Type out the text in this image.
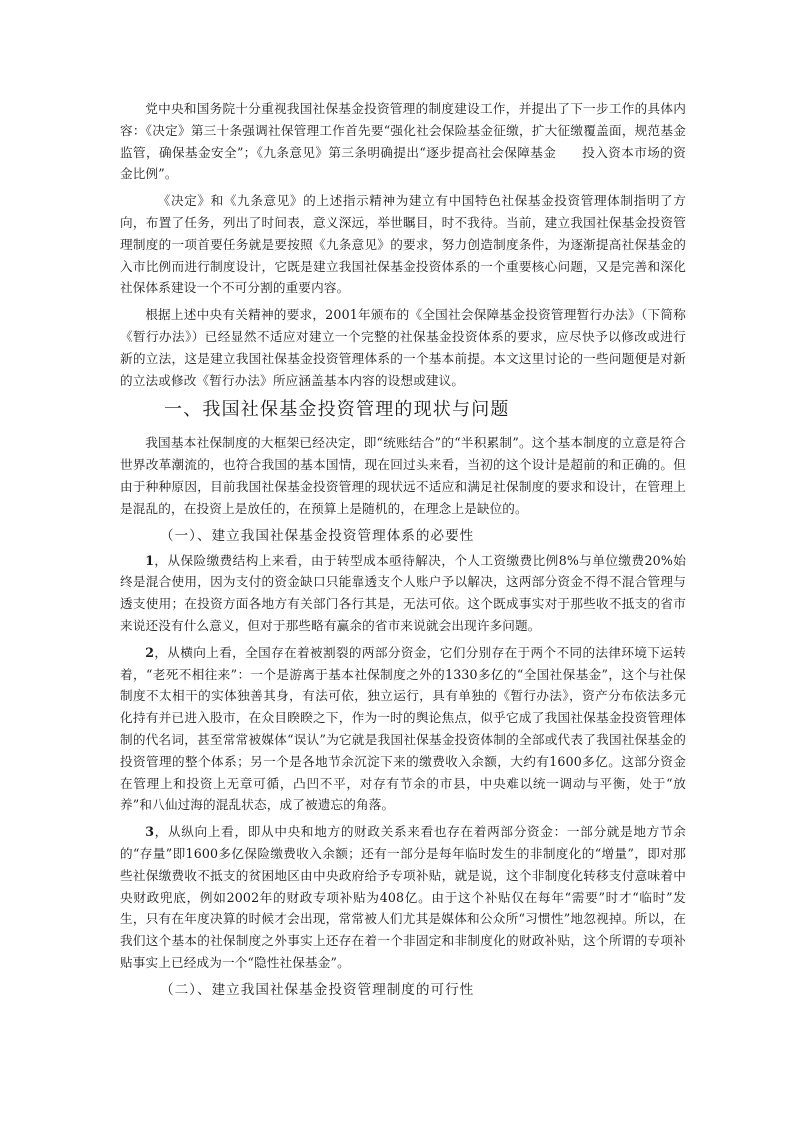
党中央和国务院十分重视我国社保基金投资管理的制度建设工作，并提出了下一步工作的具体内容：《决定》第三十条强调社保管理工作首先要“强化社会保险基金征缴，扩大征缴覆盖面，规范基金监管，确保基金安全”；《九条意见》第三条明确提出“逐步提高社会保障基金　　投入资本市场的资金比例”。

《决定》和《九条意见》的上述指示精神为建立有中国特色社保基金投资管理体制指明了方向，布置了任务，列出了时间表，意义深远，举世瞩目，时不我待。当前，建立我国社保基金投资管理制度的一项首要任务就是要按照《九条意见》的要求，努力创造制度条件，为逐渐提高社保基金的入市比例而进行制度设计，它既是建立我国社保基金投资体系的一个重要核心问题，又是完善和深化社保体系建设一个不可分割的重要内容。

根据上述中央有关精神的要求，2001年颁布的《全国社会保障基金投资管理暂行办法》（下简称《暂行办法》）已经显然不适应对建立一个完整的社保基金投资体系的要求，应尽快予以修改或进行新的立法，这是建立我国社保基金投资管理体系的一个基本前提。本文这里讨论的一些问题便是对新的立法或修改《暂行办法》所应涵盖基本内容的设想或建议。

一、我国社保基金投资管理的现状与问题

我国基本社保制度的大框架已经决定，即“统账结合”的“半积累制”。这个基本制度的立意是符合世界改革潮流的，也符合我国的基本国情，现在回过头来看，当初的这个设计是超前的和正确的。但由于种种原因，目前我国社保基金投资管理的现状远不适应和满足社保制度的要求和设计，在管理上是混乱的，在投资上是放任的，在预算上是随机的，在理念上是缺位的。

（一）、建立我国社保基金投资管理体系的必要性

1，从保险缴费结构上来看，由于转型成本亟待解决，个人工资缴费比例8%与单位缴费20%始终是混合使用，因为支付的资金缺口只能靠透支个人账户予以解决，这两部分资金不得不混合管理与透支使用；在投资方面各地方有关部门各行其是，无法可依。这个既成事实对于那些收不抵支的省市来说还没有什么意义，但对于那些略有赢余的省市来说就会出现许多问题。

2，从横向上看，全国存在着被割裂的两部分资金，它们分别存在于两个不同的法律环境下运转着，“老死不相往来”：一个是游离于基本社保制度之外的1330多亿的“全国社保基金”，这个与社保制度不太相干的实体独善其身，有法可依，独立运行，具有单独的《暂行办法》，资产分布依法多元化持有并已进入股市，在众目睽睽之下，作为一时的舆论焦点，似乎它成了我国社保基金投资管理体制的代名词，甚至常常被媒体“误认”为它就是我国社保基金投资体制的全部或代表了我国社保基金的投资管理的整个体系；另一个是各地节余沉淀下来的缴费收入余额，大约有1600多亿。这部分资金在管理上和投资上无章可循，凸凹不平，对存有节余的市县，中央难以统一调动与平衡，处于“放养”和八仙过海的混乱状态，成了被遗忘的角落。

3，从纵向上看，即从中央和地方的财政关系来看也存在着两部分资金：一部分就是地方节余的“存量”即1600多亿保险缴费收入余额；还有一部分是每年临时发生的非制度化的“增量”，即对那些社保缴费收不抵支的贫困地区由中央政府给予专项补贴，就是说，这个非制度化转移支付意味着中央财政兜底，例如2002年的财政专项补贴为408亿。由于这个补贴仅在每年“需要”时才“临时”发生，只有在年度决算的时候才会出现，常常被人们尤其是媒体和公众所“习惯性”地忽视掉。所以，在我们这个基本的社保制度之外事实上还存在着一个非固定和非制度化的财政补贴，这个所谓的专项补贴事实上已经成为一个“隐性社保基金”。

（二）、建立我国社保基金投资管理制度的可行性
